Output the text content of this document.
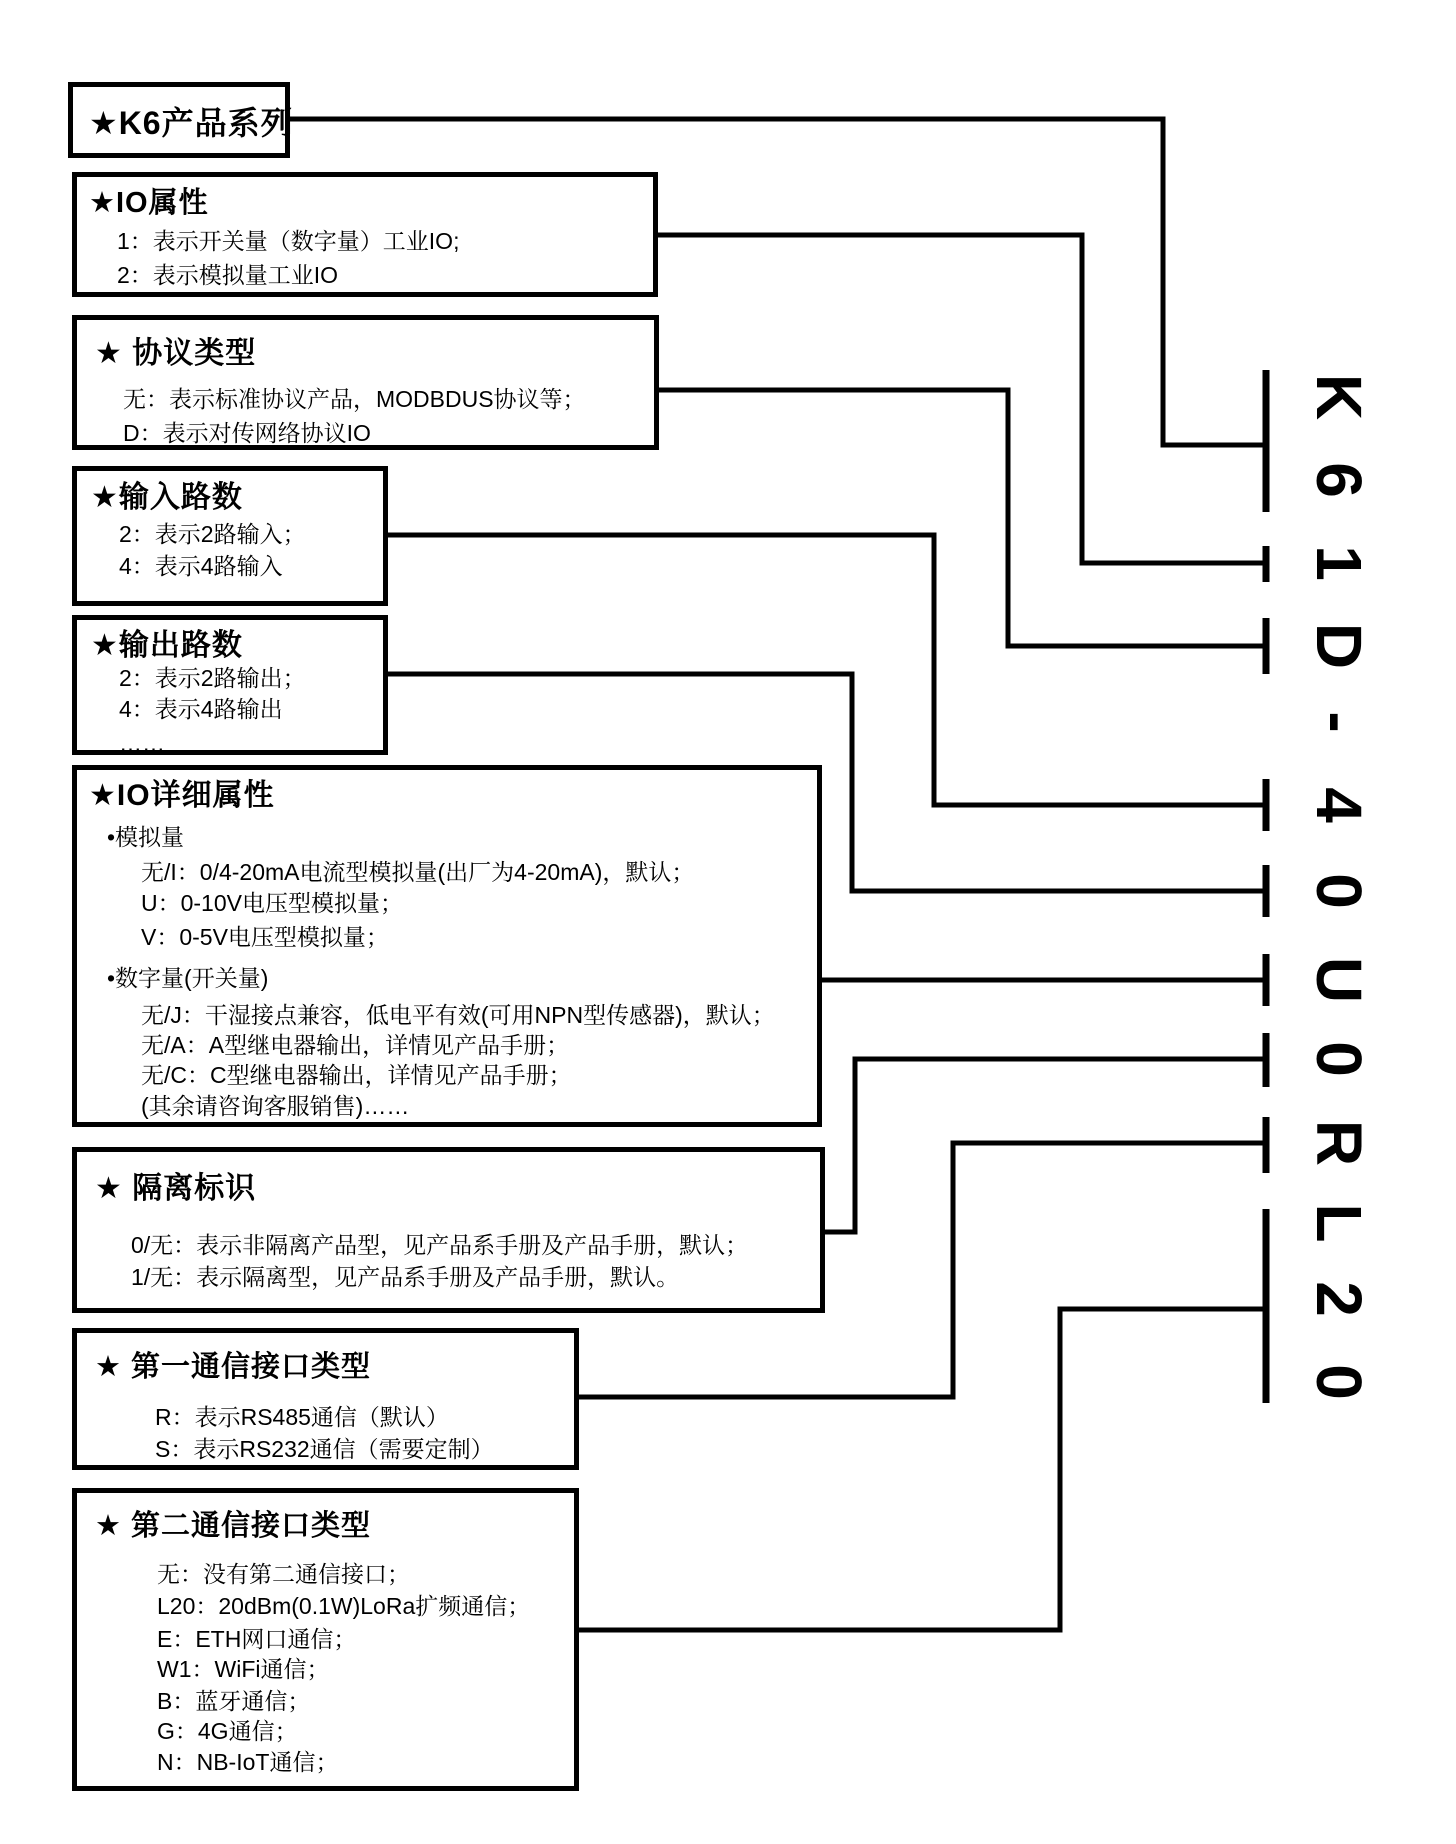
★K6产品系列
★IO属性
1：表示开关量（数字量）工业IO;
2：表示模拟量工业IO
★ 协议类型
无：表示标准协议产品，MODBDUS协议等；
D：表示对传网络协议IO
★输入路数
2：表示2路输入；
4：表示4路输入
……
★输出路数
2：表示2路输出；
4：表示4路输出
……
★IO详细属性
•模拟量
无/I：0/4-20mA电流型模拟量(出厂为4-20mA)，默认；
U：0-10V电压型模拟量；
V：0-5V电压型模拟量；
•数字量(开关量)
无/J：干湿接点兼容，低电平有效(可用NPN型传感器)，默认；
无/A：A型继电器输出，详情见产品手册；
无/C：C型继电器输出，详情见产品手册；
(其余请咨询客服销售)……
★ 隔离标识
0/无：表示非隔离产品型，见产品系手册及产品手册，默认；
1/无：表示隔离型，见产品系手册及产品手册，默认。
★ 第一通信接口类型
R：表示RS485通信（默认）
S：表示RS232通信（需要定制）
★ 第二通信接口类型
无：没有第二通信接口；
L20：20dBm(0.1W)LoRa扩频通信；
E：ETH网口通信；
W1：WiFi通信；
B：蓝牙通信；
G：4G通信；
N：NB-IoT通信；
K
6
1
D
-
4
0
U
0
R
L
2
0
